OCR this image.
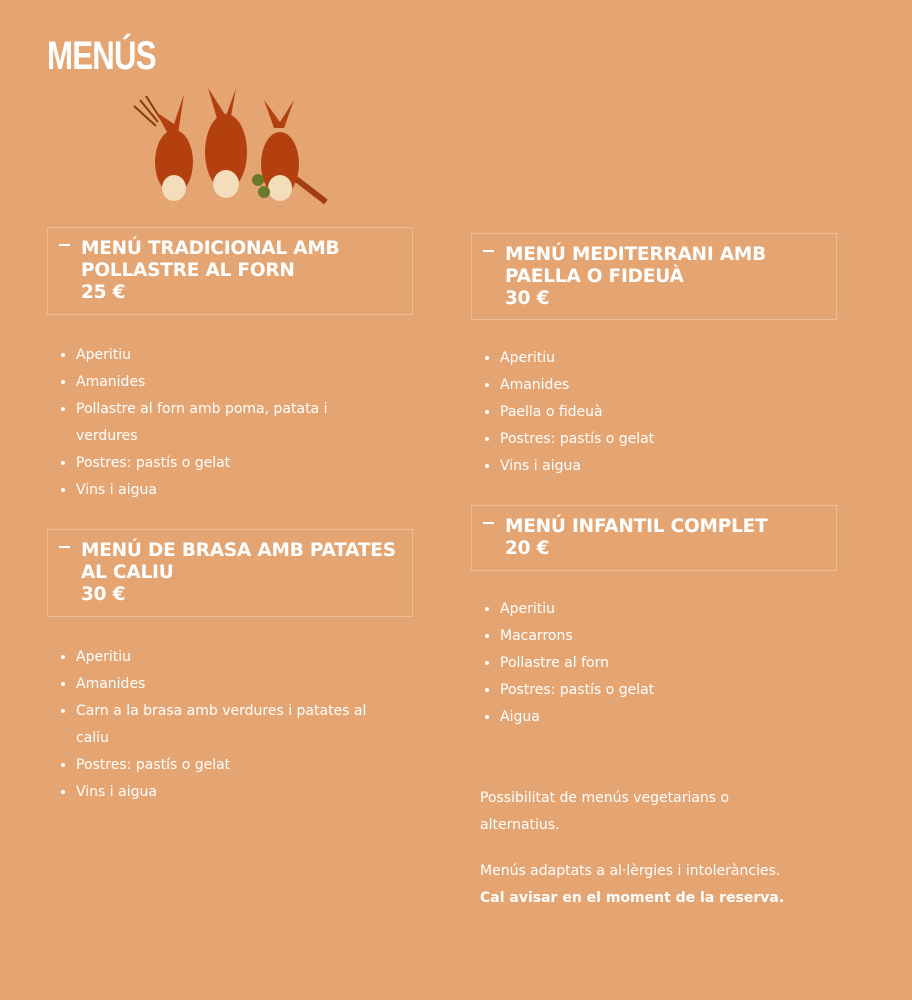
MENÚS
MENÚ TRADICIONAL AMB POLLASTRE AL FORN
25 €
• Aperitiu
• Amanides
• Pollastre al forn amb poma, patata i verdures
• Postres: pastís o gelat
• Vins i aigua
MENÚ DE BRASA AMB PATATES AL CALIU
30 €
• Aperitiu
• Amanides
• Carn a la brasa amb verdures i patates al caliu
• Postres: pastís o gelat
• Vins i aigua
MENÚ MEDITERRANI AMB PAELLA O FIDEUÀ
30 €
• Aperitiu
• Amanides
• Paella o fideuà
• Postres: pastís o gelat
• Vins i aigua
MENÚ INFANTIL COMPLET
20 €
• Aperitiu
• Macarrons
• Pollastre al forn
• Postres: pastís o gelat
• Aigua

Possibilitat de menús vegetarians o alternatius.

Menús adaptats a al·lèrgies i intoleràncies. Cal avisar en el moment de la reserva.
